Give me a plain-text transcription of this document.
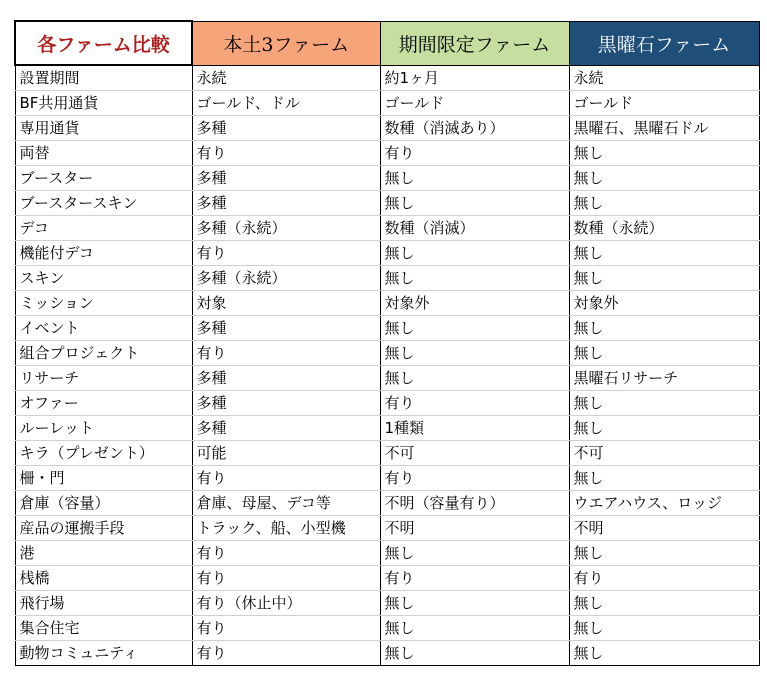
各ファーム比較	本土3ファーム	期間限定ファーム	黒曜石ファーム
設置期間	永続	約1ヶ月	永続
BF共用通貨	ゴールド、ドル	ゴールド	ゴールド
専用通貨	多種	数種（消滅あり）	黒曜石、黒曜石ドル
両替	有り	有り	無し
ブースター	多種	無し	無し
ブースタースキン	多種	無し	無し
デコ	多種（永続）	数種（消滅）	数種（永続）
機能付デコ	有り	無し	無し
スキン	多種（永続）	無し	無し
ミッション	対象	対象外	対象外
イベント	多種	無し	無し
組合プロジェクト	有り	無し	無し
リサーチ	多種	無し	黒曜石リサーチ
オファー	多種	有り	無し
ルーレット	多種	1種類	無し
キラ（プレゼント）	可能	不可	不可
柵・門	有り	有り	無し
倉庫（容量）	倉庫、母屋、デコ等	不明（容量有り）	ウエアハウス、ロッジ
産品の運搬手段	トラック、船、小型機	不明	不明
港	有り	無し	無し
桟橋	有り	有り	有り
飛行場	有り（休止中）	無し	無し
集合住宅	有り	無し	無し
動物コミュニティ	有り	無し	無し
